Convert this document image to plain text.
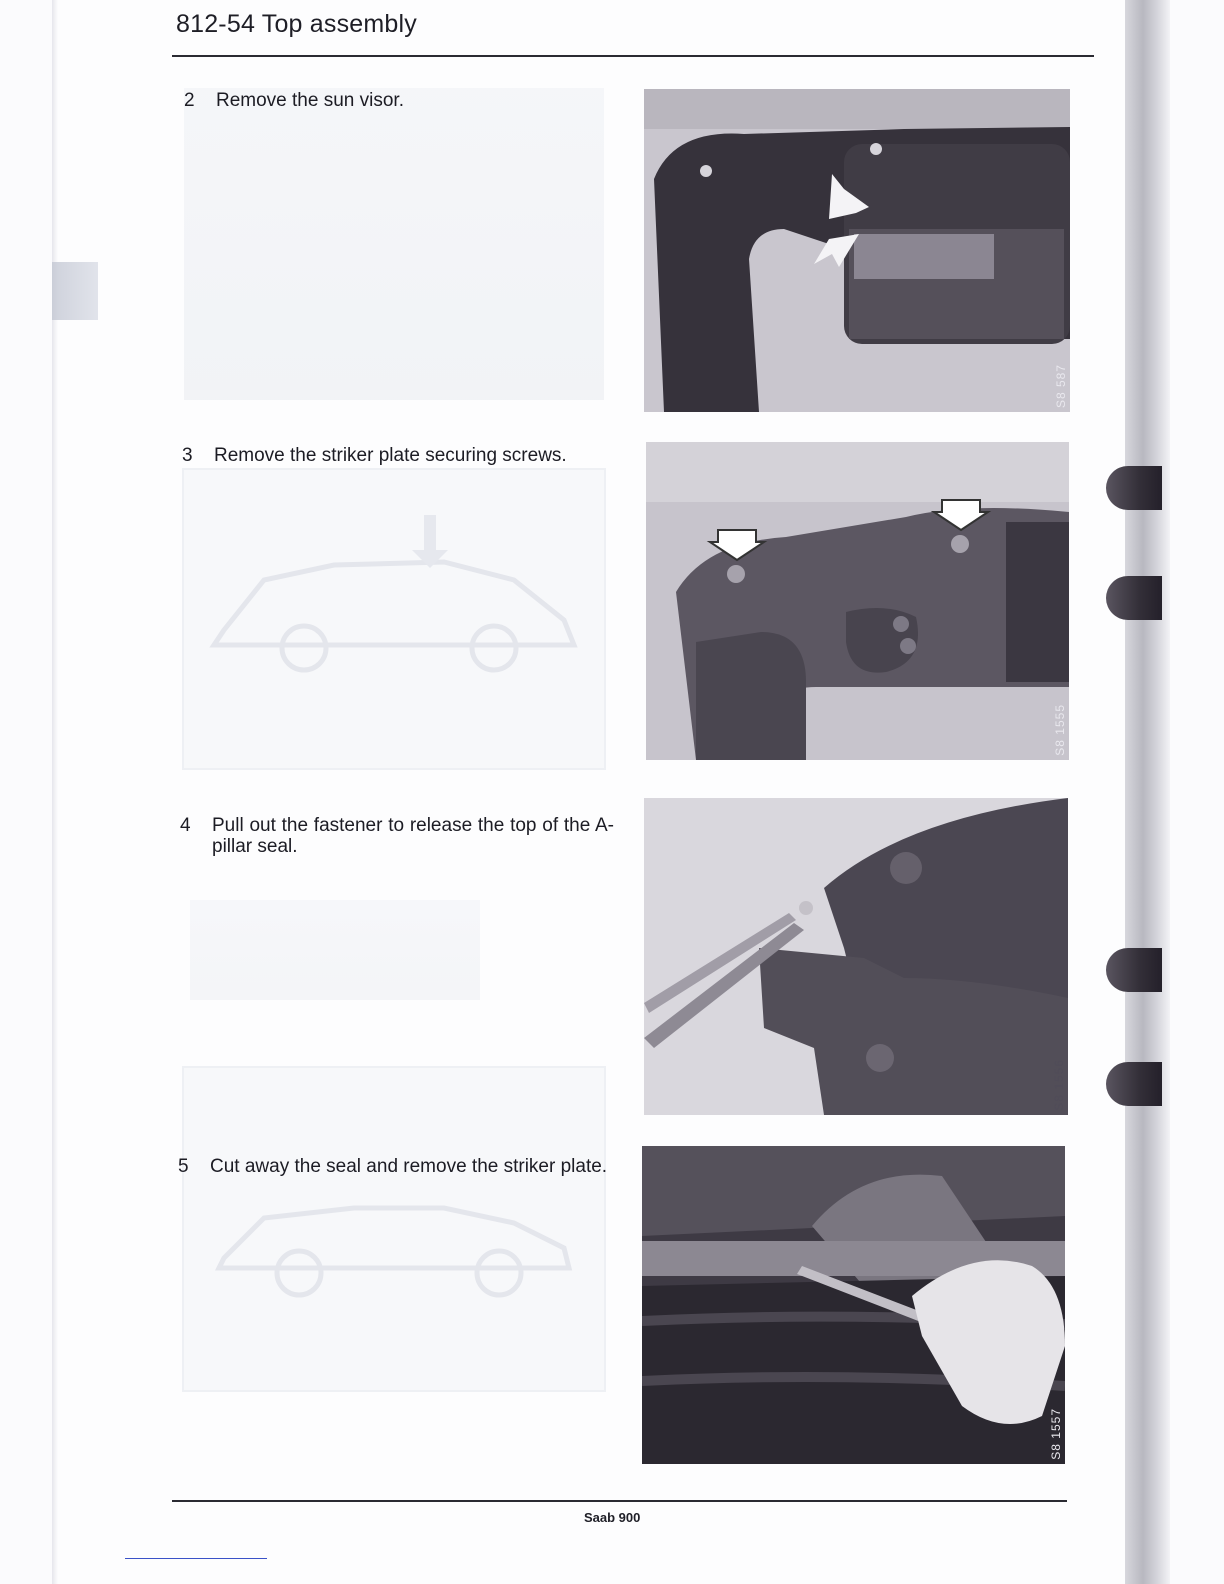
812-54 Top assembly
2 Remove the sun visor.
3 Remove the striker plate securing screws.
4 Pull out the fastener to release the top of the A-pillar seal.
5 Cut away the seal and remove the striker plate.
S8 587
S8 1555
S8 1556
S8 1557
Saab 900
